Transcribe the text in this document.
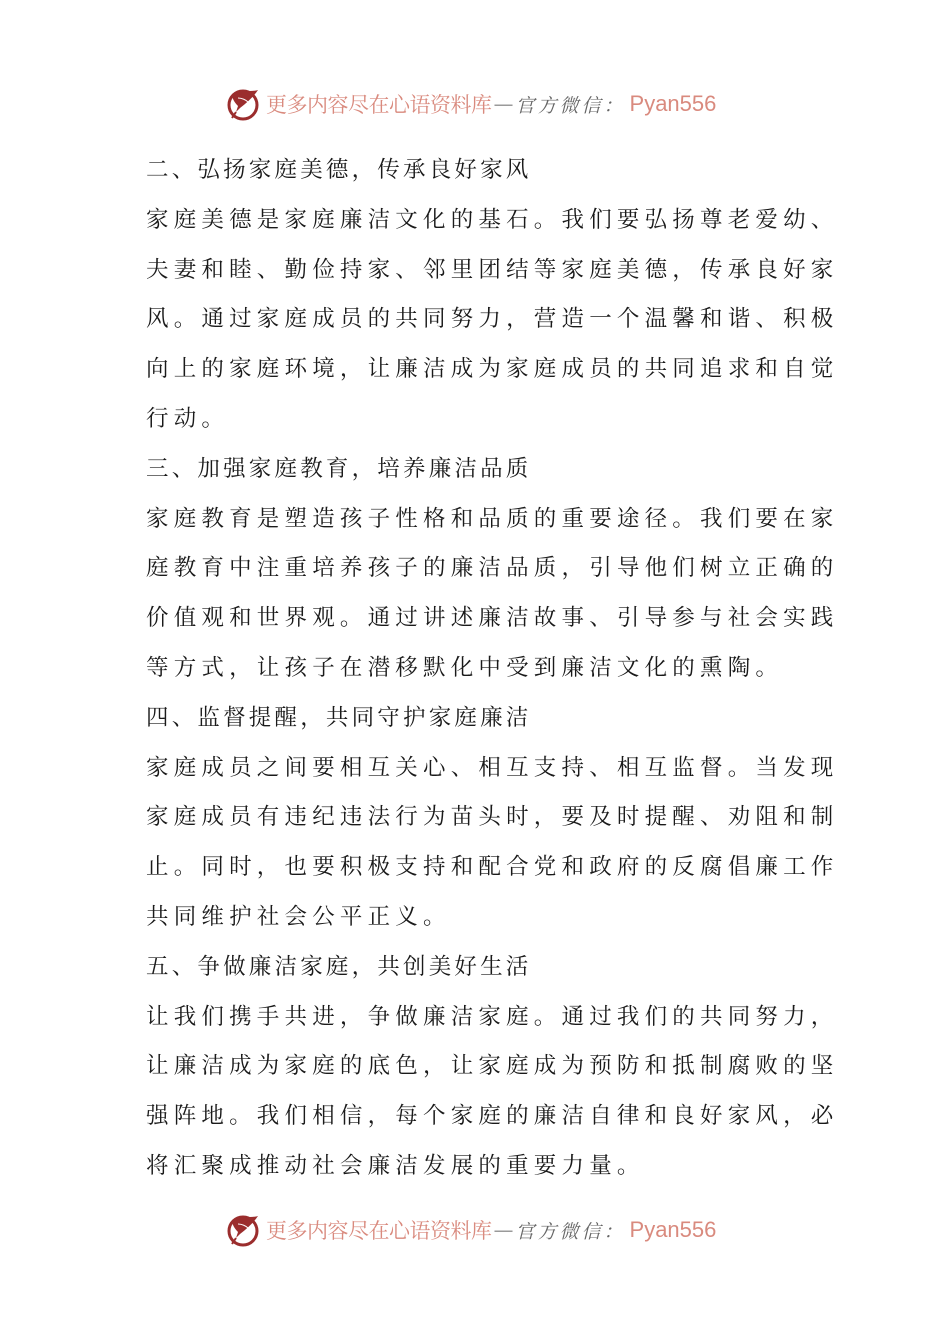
更多内容尽在心语资料库 — 官方微信： Pyan556
二、弘扬家庭美德，传承良好家风
家庭美德是家庭廉洁文化的基石。我们要弘扬尊老爱幼、
夫妻和睦、勤俭持家、邻里团结等家庭美德，传承良好家
风。通过家庭成员的共同努力，营造一个温馨和谐、积极
向上的家庭环境，让廉洁成为家庭成员的共同追求和自觉
行动。
三、加强家庭教育，培养廉洁品质
家庭教育是塑造孩子性格和品质的重要途径。我们要在家
庭教育中注重培养孩子的廉洁品质，引导他们树立正确的
价值观和世界观。通过讲述廉洁故事、引导参与社会实践
等方式，让孩子在潜移默化中受到廉洁文化的熏陶。
四、监督提醒，共同守护家庭廉洁
家庭成员之间要相互关心、相互支持、相互监督。当发现
家庭成员有违纪违法行为苗头时，要及时提醒、劝阻和制
止。同时，也要积极支持和配合党和政府的反腐倡廉工作
共同维护社会公平正义。
五、争做廉洁家庭，共创美好生活
让我们携手共进，争做廉洁家庭。通过我们的共同努力，
让廉洁成为家庭的底色，让家庭成为预防和抵制腐败的坚
强阵地。我们相信，每个家庭的廉洁自律和良好家风，必
将汇聚成推动社会廉洁发展的重要力量。
更多内容尽在心语资料库 — 官方微信： Pyan556
